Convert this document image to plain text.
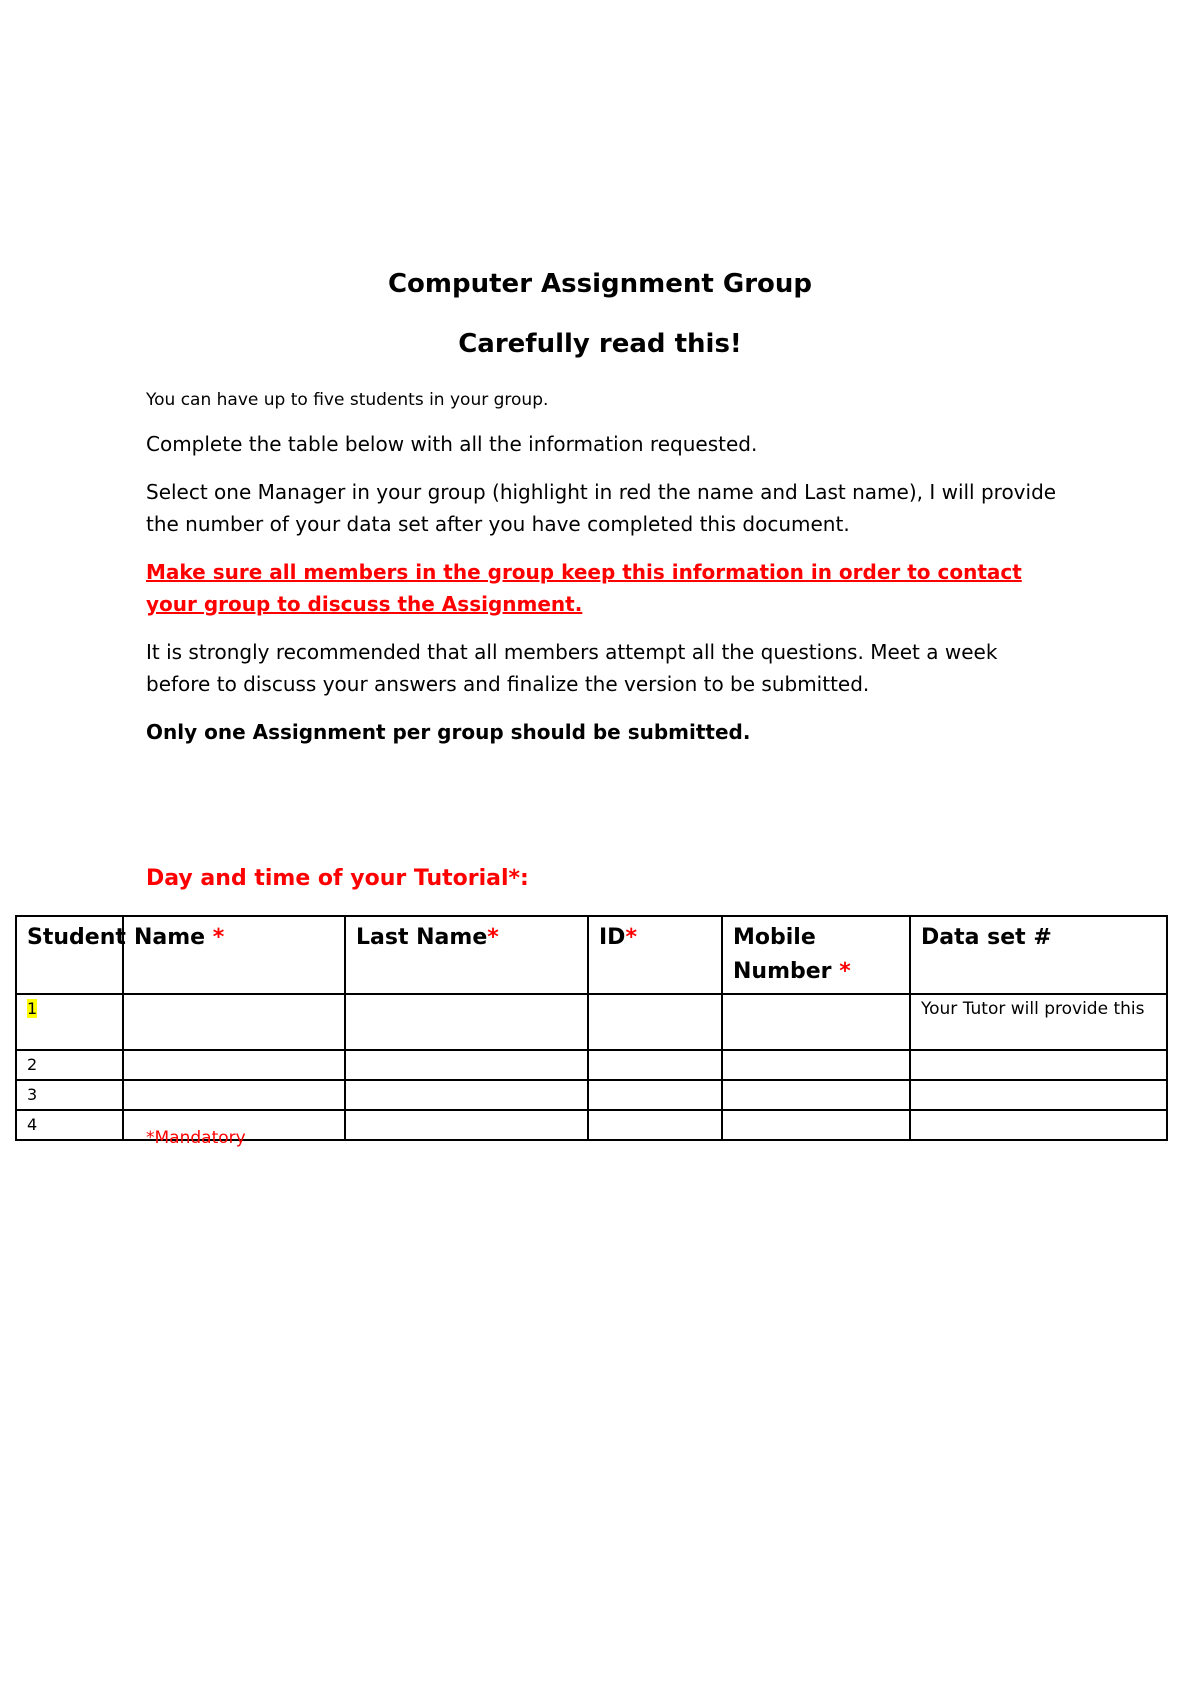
Computer Assignment Group
Carefully read this!
You can have up to five students in your group.
Complete the table below with all the information requested.
Select one Manager in your group (highlight in red the name and Last name), I will provide the number of your data set after you have completed this document.
Make sure all members in the group keep this information in order to contact your group to discuss the Assignment.
It is strongly recommended that all members attempt all the questions. Meet a week before to discuss your answers and finalize the version to be submitted.
Only one Assignment per group should be submitted.
Day and time of your Tutorial*:
Student	Name *	Last Name*	ID*	Mobile Number *	Data set #
1					Your Tutor will provide this
2					
3					
4					
*Mandatory
